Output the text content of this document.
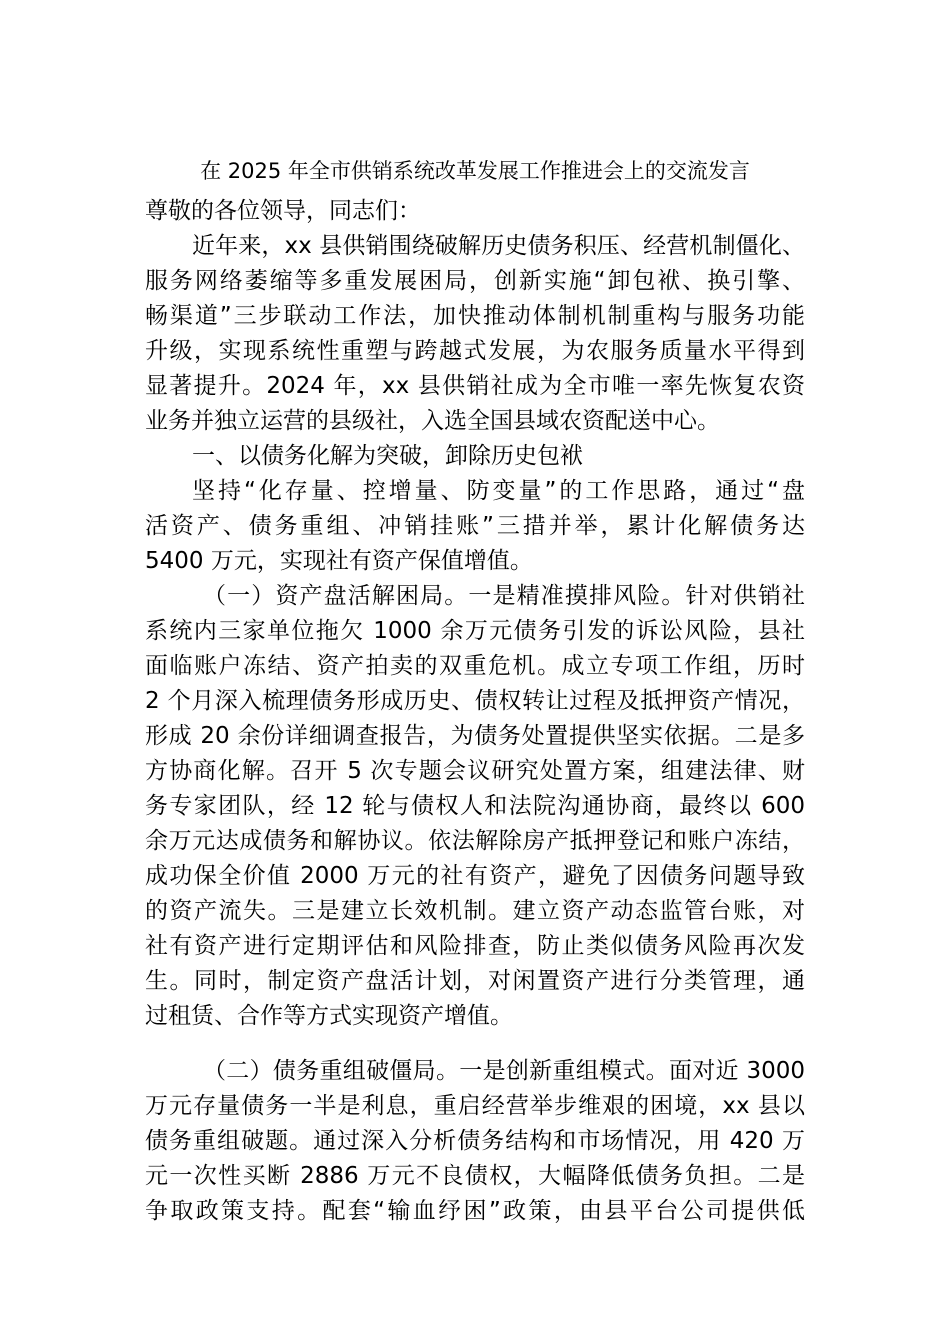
在 2025 年全市供销系统改革发展工作推进会上的交流发言
尊敬的各位领导，同志们：
近年来，xx 县供销围绕破解历史债务积压、经营机制僵化、
服务网络萎缩等多重发展困局，创新实施“卸包袱、换引擎、
畅渠道”三步联动工作法，加快推动体制机制重构与服务功能
升级，实现系统性重塑与跨越式发展，为农服务质量水平得到
显著提升。2024 年，xx 县供销社成为全市唯一率先恢复农资
业务并独立运营的县级社，入选全国县域农资配送中心。
一、以债务化解为突破，卸除历史包袱
坚持“化存量、控增量、防变量”的工作思路，通过“盘
活资产、债务重组、冲销挂账”三措并举，累计化解债务达
5400 万元，实现社有资产保值增值。
（一）资产盘活解困局。一是精准摸排风险。针对供销社
系统内三家单位拖欠 1000 余万元债务引发的诉讼风险，县社
面临账户冻结、资产拍卖的双重危机。成立专项工作组，历时
2 个月深入梳理债务形成历史、债权转让过程及抵押资产情况，
形成 20 余份详细调查报告，为债务处置提供坚实依据。二是多
方协商化解。召开 5 次专题会议研究处置方案，组建法律、财
务专家团队，经 12 轮与债权人和法院沟通协商，最终以 600
余万元达成债务和解协议。依法解除房产抵押登记和账户冻结，
成功保全价值 2000 万元的社有资产，避免了因债务问题导致
的资产流失。三是建立长效机制。建立资产动态监管台账，对
社有资产进行定期评估和风险排查，防止类似债务风险再次发
生。同时，制定资产盘活计划，对闲置资产进行分类管理，通
过租赁、合作等方式实现资产增值。
（二）债务重组破僵局。一是创新重组模式。面对近 3000
万元存量债务一半是利息，重启经营举步维艰的困境，xx 县以
债务重组破题。通过深入分析债务结构和市场情况，用 420 万
元一次性买断 2886 万元不良债权，大幅降低债务负担。二是
争取政策支持。配套“输血纾困”政策，由县平台公司提供低
